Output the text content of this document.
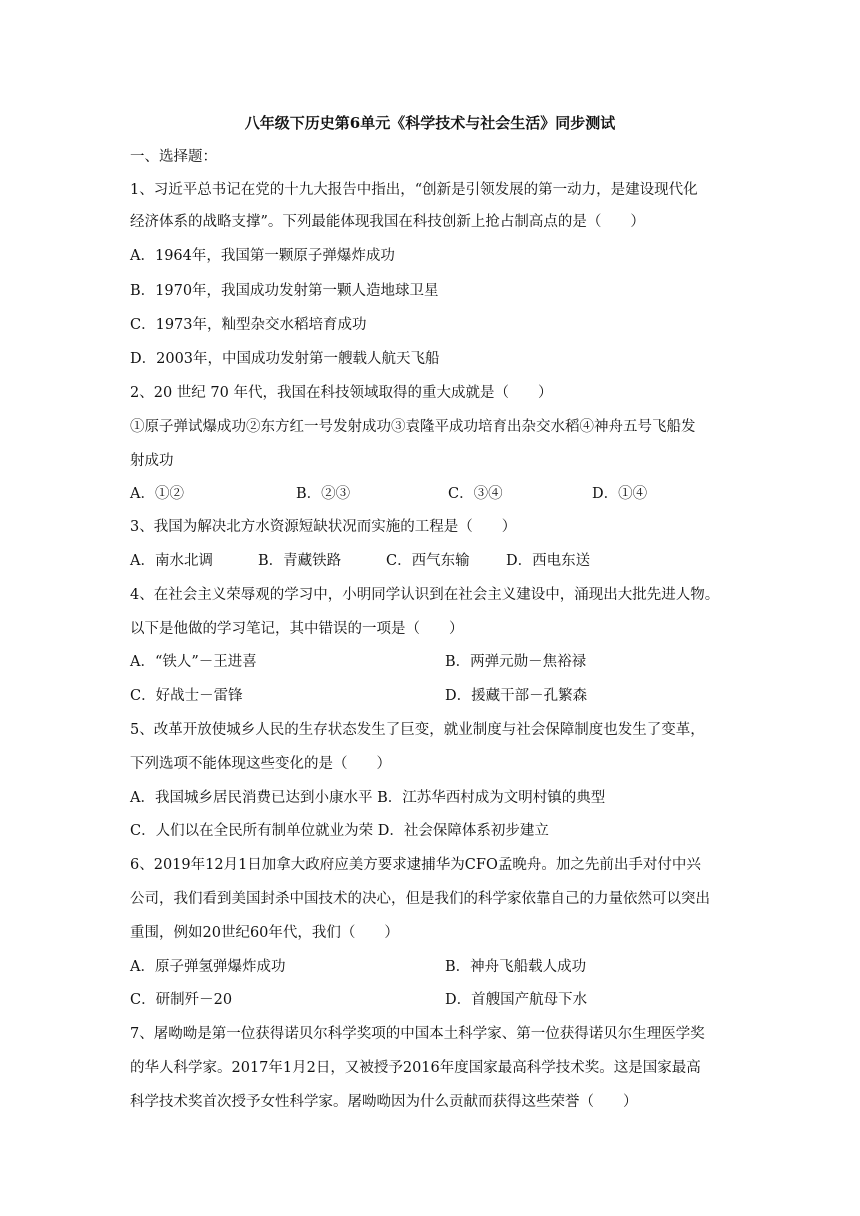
八年级下历史第6单元《科学技术与社会生活》同步测试
一、选择题：
1、习近平总书记在党的十九大报告中指出，“创新是引领发展的第一动力，是建设现代化
经济体系的战略支撑”。下列最能体现我国在科技创新上抢占制高点的是（　　）
A．1964年，我国第一颗原子弹爆炸成功
B．1970年，我国成功发射第一颗人造地球卫星
C．1973年，籼型杂交水稻培育成功
D．2003年，中国成功发射第一艘载人航天飞船
2、20 世纪 70 年代，我国在科技领域取得的重大成就是（　　）
①原子弹试爆成功②东方红一号发射成功③袁隆平成功培育出杂交水稻④神舟五号飞船发
射成功
A．①②	B．②③	C．③④	D．①④
3、我国为解决北方水资源短缺状况而实施的工程是（　　）
A．南水北调	B．青藏铁路	C．西气东输	D．西电东送
4、在社会主义荣辱观的学习中，小明同学认识到在社会主义建设中，涌现出大批先进人物。
以下是他做的学习笔记，其中错误的一项是（　　）
A．“铁人”－王进喜	B．两弹元勋－焦裕禄
C．好战士－雷锋	D．援藏干部－孔繁森
5、改革开放使城乡人民的生存状态发生了巨变，就业制度与社会保障制度也发生了变革，
下列选项不能体现这些变化的是（　　）
A．我国城乡居民消费已达到小康水平 B．江苏华西村成为文明村镇的典型
C．人们以在全民所有制单位就业为荣 D．社会保障体系初步建立
6、2019年12月1日加拿大政府应美方要求逮捕华为CFO孟晚舟。加之先前出手对付中兴
公司，我们看到美国封杀中国技术的决心，但是我们的科学家依靠自己的力量依然可以突出
重围，例如20世纪60年代，我们（　　）
A．原子弹氢弹爆炸成功	B．神舟飞船载人成功
C．研制歼－20	D．首艘国产航母下水
7、屠呦呦是第一位获得诺贝尔科学奖项的中国本土科学家、第一位获得诺贝尔生理医学奖
的华人科学家。2017年1月2日，又被授予2016年度国家最高科学技术奖。这是国家最高
科学技术奖首次授予女性科学家。屠呦呦因为什么贡献而获得这些荣誉（　　）
